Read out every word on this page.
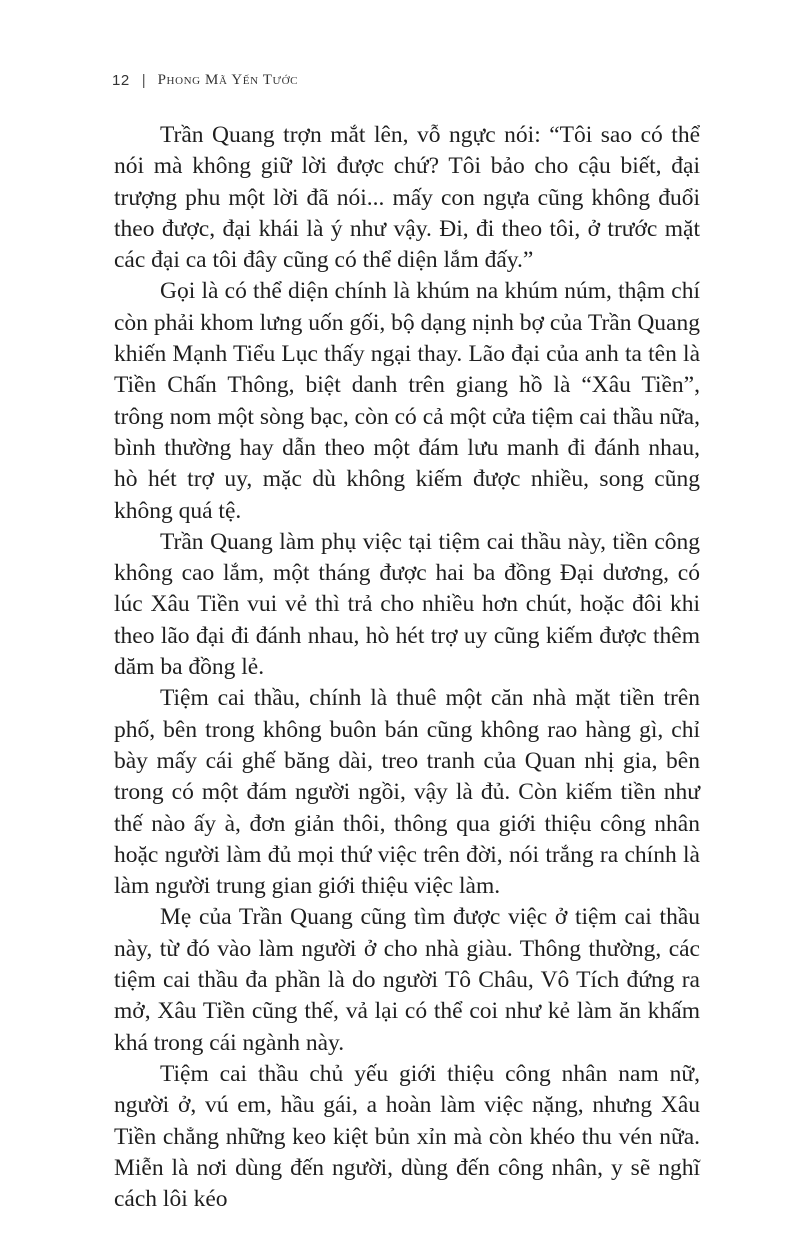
12 | Phong Mã Yến Tước

Trần Quang trợn mắt lên, vỗ ngực nói: “Tôi sao có thể nói mà không giữ lời được chứ? Tôi bảo cho cậu biết, đại trượng phu một lời đã nói... mấy con ngựa cũng không đuổi theo được, đại khái là ý như vậy. Đi, đi theo tôi, ở trước mặt các đại ca tôi đây cũng có thể diện lắm đấy.”

Gọi là có thể diện chính là khúm na khúm núm, thậm chí còn phải khom lưng uốn gối, bộ dạng nịnh bợ của Trần Quang khiến Mạnh Tiểu Lục thấy ngại thay. Lão đại của anh ta tên là Tiền Chấn Thông, biệt danh trên giang hồ là “Xâu Tiền”, trông nom một sòng bạc, còn có cả một cửa tiệm cai thầu nữa, bình thường hay dẫn theo một đám lưu manh đi đánh nhau, hò hét trợ uy, mặc dù không kiếm được nhiều, song cũng không quá tệ.

Trần Quang làm phụ việc tại tiệm cai thầu này, tiền công không cao lắm, một tháng được hai ba đồng Đại dương, có lúc Xâu Tiền vui vẻ thì trả cho nhiều hơn chút, hoặc đôi khi theo lão đại đi đánh nhau, hò hét trợ uy cũng kiếm được thêm dăm ba đồng lẻ.

Tiệm cai thầu, chính là thuê một căn nhà mặt tiền trên phố, bên trong không buôn bán cũng không rao hàng gì, chỉ bày mấy cái ghế băng dài, treo tranh của Quan nhị gia, bên trong có một đám người ngồi, vậy là đủ. Còn kiếm tiền như thế nào ấy à, đơn giản thôi, thông qua giới thiệu công nhân hoặc người làm đủ mọi thứ việc trên đời, nói trắng ra chính là làm người trung gian giới thiệu việc làm.

Mẹ của Trần Quang cũng tìm được việc ở tiệm cai thầu này, từ đó vào làm người ở cho nhà giàu. Thông thường, các tiệm cai thầu đa phần là do người Tô Châu, Vô Tích đứng ra mở, Xâu Tiền cũng thế, vả lại có thể coi như kẻ làm ăn khấm khá trong cái ngành này.

Tiệm cai thầu chủ yếu giới thiệu công nhân nam nữ, người ở, vú em, hầu gái, a hoàn làm việc nặng, nhưng Xâu Tiền chẳng những keo kiệt bủn xỉn mà còn khéo thu vén nữa. Miễn là nơi dùng đến người, dùng đến công nhân, y sẽ nghĩ cách lôi kéo
